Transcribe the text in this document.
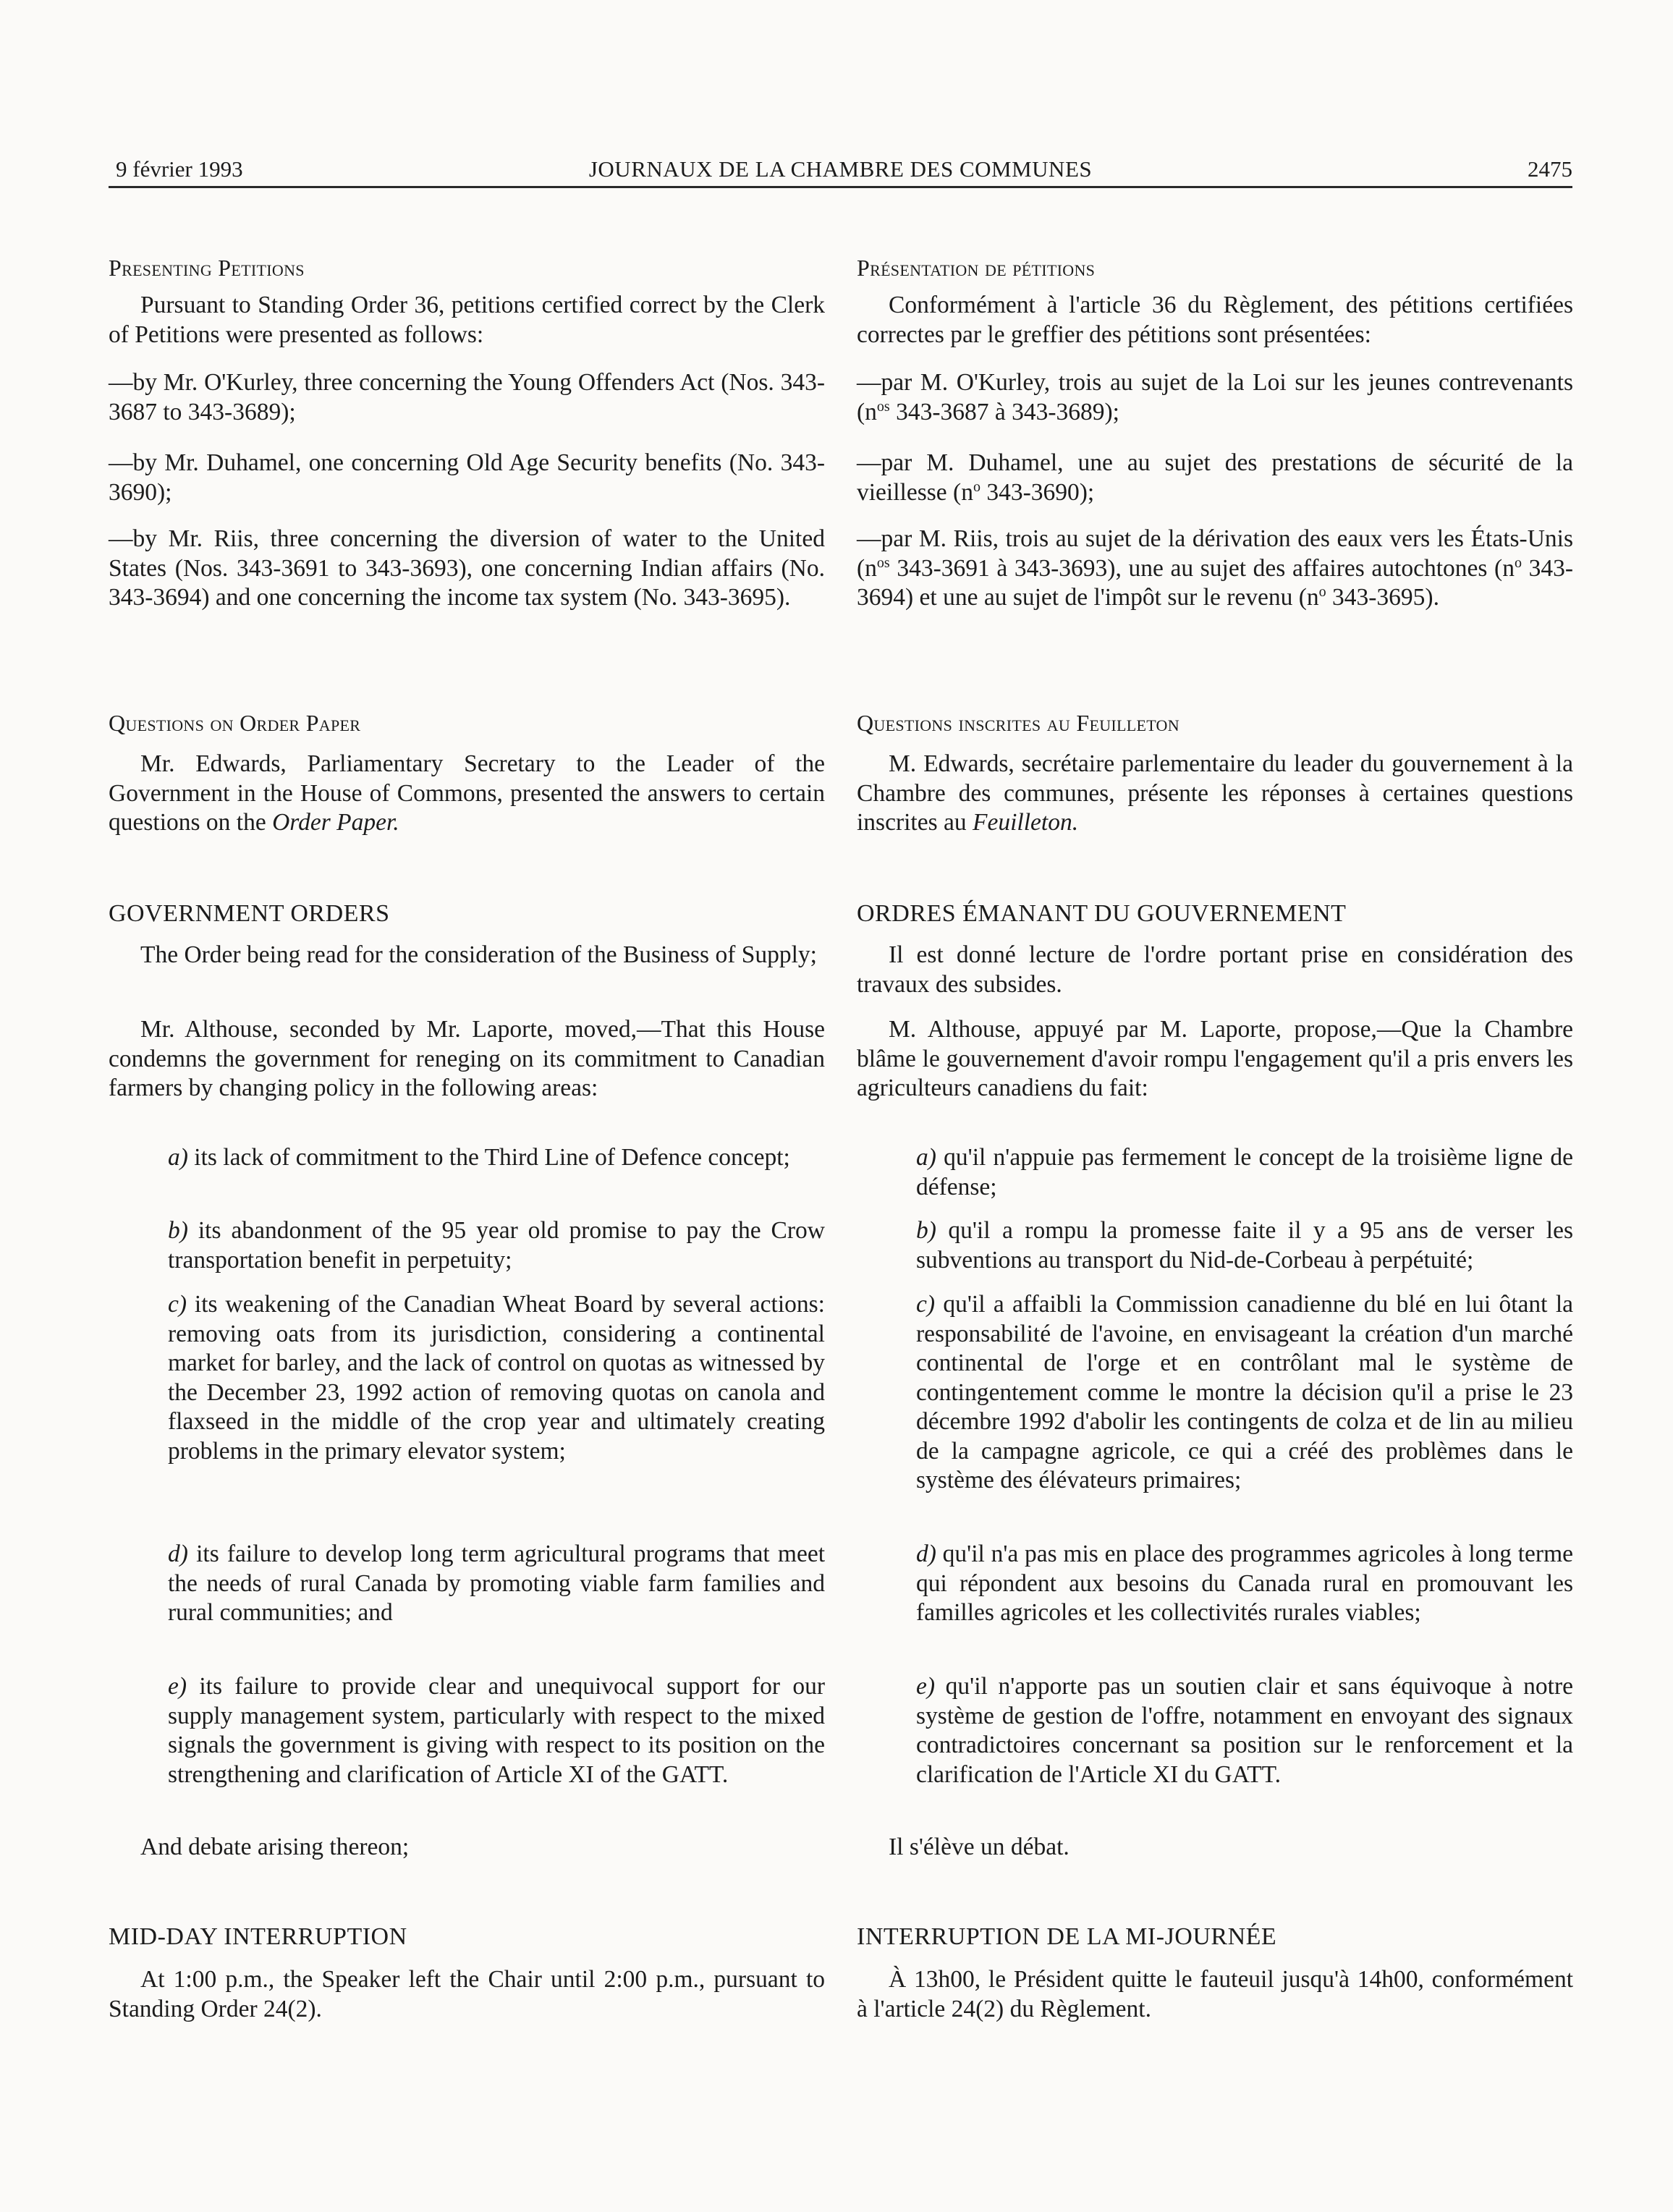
9 février 1993	JOURNAUX DE LA CHAMBRE DES COMMUNES	2475
Presenting Petitions

Pursuant to Standing Order 36, petitions certified correct by the Clerk of Petitions were presented as follows:

—by Mr. O'Kurley, three concerning the Young Offenders Act (Nos. 343-3687 to 343-3689);

—by Mr. Duhamel, one concerning Old Age Security benefits (No. 343-3690);

—by Mr. Riis, three concerning the diversion of water to the United States (Nos. 343-3691 to 343-3693), one concerning Indian affairs (No. 343-3694) and one concerning the income tax system (No. 343-3695).

Questions on Order Paper

Mr. Edwards, Parliamentary Secretary to the Leader of the Government in the House of Commons, presented the answers to certain questions on the Order Paper.

GOVERNMENT ORDERS

The Order being read for the consideration of the Business of Supply;

Mr. Althouse, seconded by Mr. Laporte, moved,—That this House condemns the government for reneging on its commitment to Canadian farmers by changing policy in the following areas:

a) its lack of commitment to the Third Line of Defence concept;

b) its abandonment of the 95 year old promise to pay the Crow transportation benefit in perpetuity;

c) its weakening of the Canadian Wheat Board by several actions: removing oats from its jurisdiction, considering a continental market for barley, and the lack of control on quotas as witnessed by the December 23, 1992 action of removing quotas on canola and flaxseed in the middle of the crop year and ultimately creating problems in the primary elevator system;

d) its failure to develop long term agricultural programs that meet the needs of rural Canada by promoting viable farm families and rural communities; and

e) its failure to provide clear and unequivocal support for our supply management system, particularly with respect to the mixed signals the government is giving with respect to its position on the strengthening and clarification of Article XI of the GATT.

And debate arising thereon;

MID-DAY INTERRUPTION

At 1:00 p.m., the Speaker left the Chair until 2:00 p.m., pursuant to Standing Order 24(2).

Présentation de pétitions

Conformément à l'article 36 du Règlement, des pétitions certifiées correctes par le greffier des pétitions sont présentées:

—par M. O'Kurley, trois au sujet de la Loi sur les jeunes contrevenants ($n^{os}$ 343-3687 à 343-3689);

—par M. Duhamel, une au sujet des prestations de sécurité de la vieillesse ($n^o$ 343-3690);

—par M. Riis, trois au sujet de la dérivation des eaux vers les États-Unis ($n^{os}$ 343-3691 à 343-3693), une au sujet des affaires autochtones ($n^o$ 343-3694) et une au sujet de l'impôt sur le revenu ($n^o$ 343-3695).

Questions inscrites au Feuilleton

M. Edwards, secrétaire parlementaire du leader du gouvernement à la Chambre des communes, présente les réponses à certaines questions inscrites au Feuilleton.

ORDRES ÉMANANT DU GOUVERNEMENT

Il est donné lecture de l'ordre portant prise en considération des travaux des subsides.

M. Althouse, appuyé par M. Laporte, propose,—Que la Chambre blâme le gouvernement d'avoir rompu l'engagement qu'il a pris envers les agriculteurs canadiens du fait:

a) qu'il n'appuie pas fermement le concept de la troisième ligne de défense;

b) qu'il a rompu la promesse faite il y a 95 ans de verser les subventions au transport du Nid-de-Corbeau à perpétuité;

c) qu'il a affaibli la Commission canadienne du blé en lui ôtant la responsabilité de l'avoine, en envisageant la création d'un marché continental de l'orge et en contrôlant mal le système de contingentement comme le montre la décision qu'il a prise le 23 décembre 1992 d'abolir les contingents de colza et de lin au milieu de la campagne agricole, ce qui a créé des problèmes dans le système des élévateurs primaires;

d) qu'il n'a pas mis en place des programmes agricoles à long terme qui répondent aux besoins du Canada rural en promouvant les familles agricoles et les collectivités rurales viables;

e) qu'il n'apporte pas un soutien clair et sans équivoque à notre système de gestion de l'offre, notamment en envoyant des signaux contradictoires concernant sa position sur le renforcement et la clarification de l'Article XI du GATT.

Il s'élève un débat.

INTERRUPTION DE LA MI-JOURNÉE

À 13h00, le Président quitte le fauteuil jusqu'à 14h00, conformément à l'article 24(2) du Règlement.
